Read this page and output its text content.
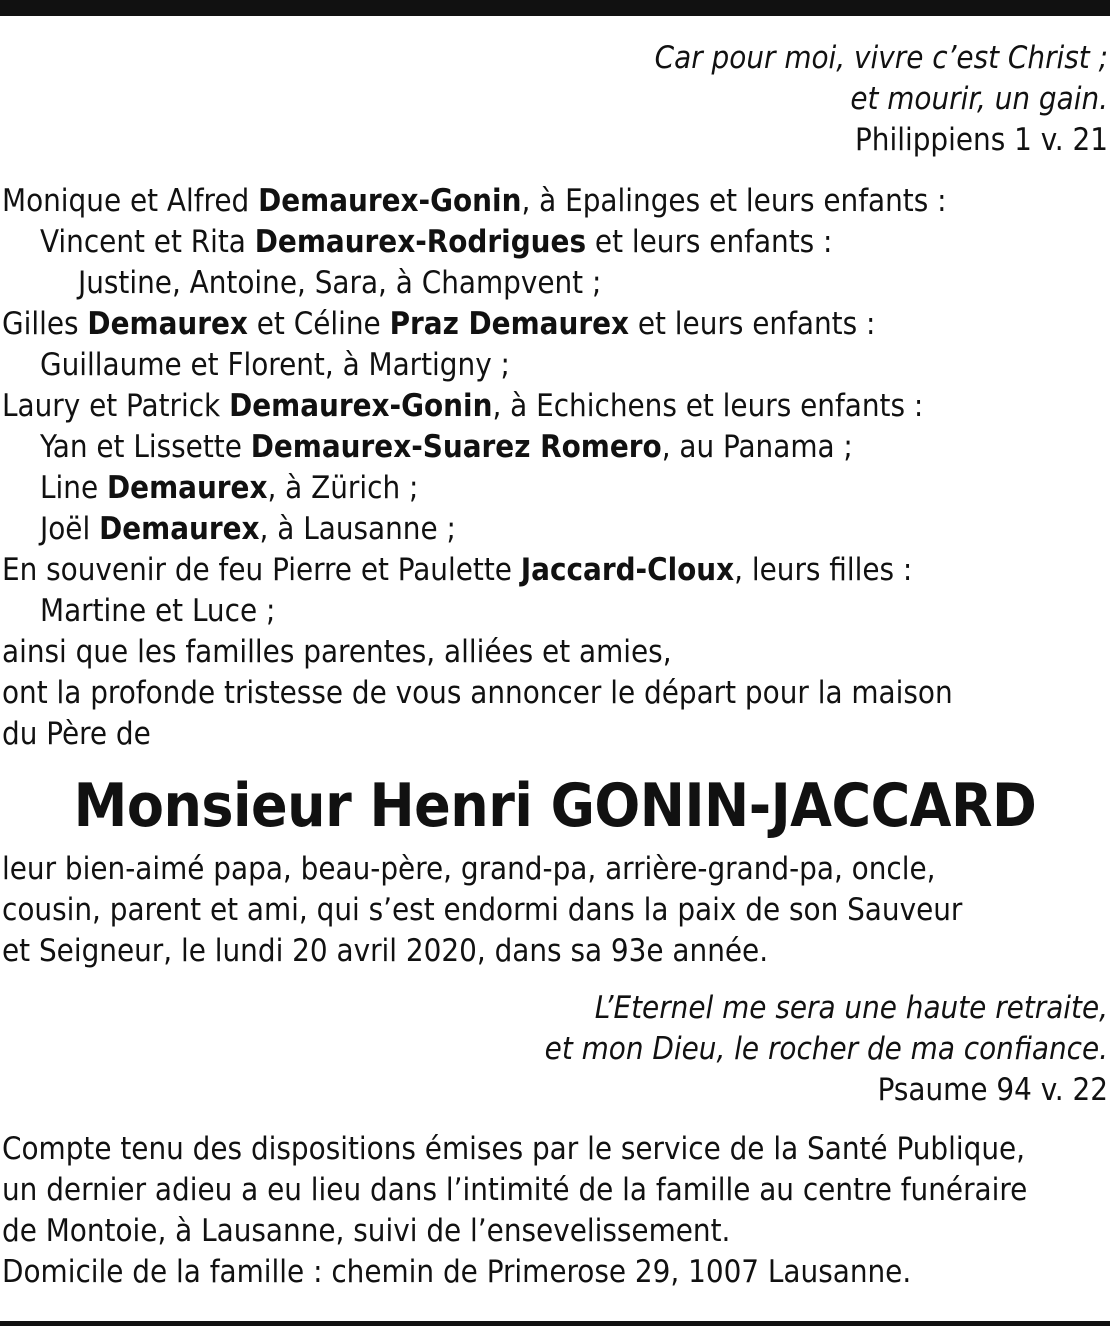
Car pour moi, vivre c’est Christ ;
et mourir, un gain.
Philippiens 1 v. 21
Monique et Alfred Demaurex-Gonin, à Epalinges et leurs enfants :
Vincent et Rita Demaurex-Rodrigues et leurs enfants :
Justine, Antoine, Sara, à Champvent ;
Gilles Demaurex et Céline Praz Demaurex et leurs enfants :
Guillaume et Florent, à Martigny ;
Laury et Patrick Demaurex-Gonin, à Echichens et leurs enfants :
Yan et Lissette Demaurex-Suarez Romero, au Panama ;
Line Demaurex, à Zürich ;
Joël Demaurex, à Lausanne ;
En souvenir de feu Pierre et Paulette Jaccard-Cloux, leurs filles :
Martine et Luce ;
ainsi que les familles parentes, alliées et amies,
ont la profonde tristesse de vous annoncer le départ pour la maison
du Père de
Monsieur Henri GONIN-JACCARD
leur bien-aimé papa, beau-père, grand-pa, arrière-grand-pa, oncle,
cousin, parent et ami, qui s’est endormi dans la paix de son Sauveur
et Seigneur, le lundi 20 avril 2020, dans sa 93e année.
L’Eternel me sera une haute retraite,
et mon Dieu, le rocher de ma confiance.
Psaume 94 v. 22
Compte tenu des dispositions émises par le service de la Santé Publique,
un dernier adieu a eu lieu dans l’intimité de la famille au centre funéraire
de Montoie, à Lausanne, suivi de l’ensevelissement.
Domicile de la famille : chemin de Primerose 29, 1007 Lausanne.
